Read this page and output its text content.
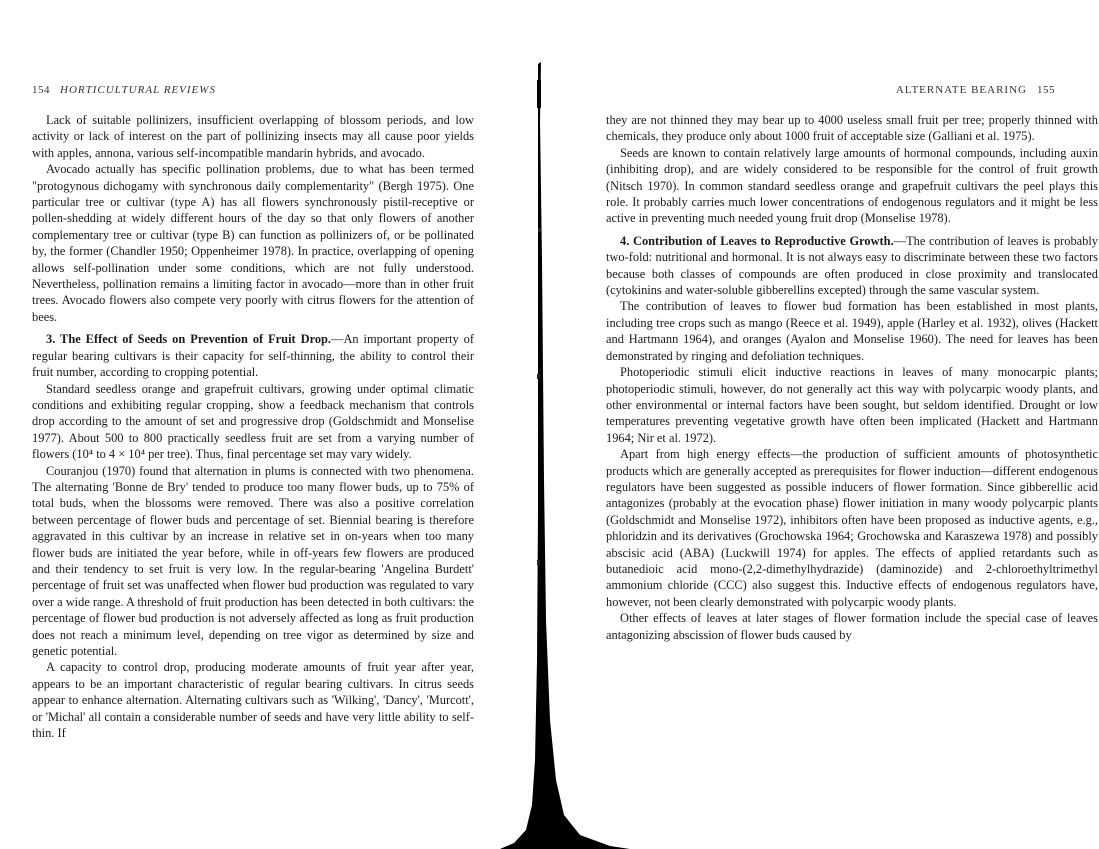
154 HORTICULTURAL REVIEWS

Lack of suitable pollinizers, insufficient overlapping of blossom periods, and low activity or lack of interest on the part of pollinizing insects may all cause poor yields with apples, annona, various self-incompatible mandarin hybrids, and avocado.

Avocado actually has specific pollination problems, due to what has been termed "protogynous dichogamy with synchronous daily complementarity" (Bergh 1975). One particular tree or cultivar (type A) has all flowers synchronously pistil-receptive or pollen-shedding at widely different hours of the day so that only flowers of another complementary tree or cultivar (type B) can function as pollinizers of, or be pollinated by, the former (Chandler 1950; Oppenheimer 1978). In practice, overlapping of opening allows self-pollination under some conditions, which are not fully understood. Nevertheless, pollination remains a limiting factor in avocado—more than in other fruit trees. Avocado flowers also compete very poorly with citrus flowers for the attention of bees.

3. The Effect of Seeds on Prevention of Fruit Drop.—An important property of regular bearing cultivars is their capacity for self-thinning, the ability to control their fruit number, according to cropping potential.

Standard seedless orange and grapefruit cultivars, growing under optimal climatic conditions and exhibiting regular cropping, show a feedback mechanism that controls drop according to the amount of set and progressive drop (Goldschmidt and Monselise 1977). About 500 to 800 practically seedless fruit are set from a varying number of flowers (10⁴ to 4 × 10⁴ per tree). Thus, final percentage set may vary widely.

Couranjou (1970) found that alternation in plums is connected with two phenomena. The alternating 'Bonne de Bry' tended to produce too many flower buds, up to 75% of total buds, when the blossoms were removed. There was also a positive correlation between percentage of flower buds and percentage of set. Biennial bearing is therefore aggravated in this cultivar by an increase in relative set in on-years when too many flower buds are initiated the year before, while in off-years few flowers are produced and their tendency to set fruit is very low. In the regular-bearing 'Angelina Burdett' percentage of fruit set was unaffected when flower bud production was regulated to vary over a wide range. A threshold of fruit production has been detected in both cultivars: the percentage of flower bud production is not adversely affected as long as fruit production does not reach a minimum level, depending on tree vigor as determined by size and genetic potential.

A capacity to control drop, producing moderate amounts of fruit year after year, appears to be an important characteristic of regular bearing cultivars. In citrus seeds appear to enhance alternation. Alternating cultivars such as 'Wilking', 'Dancy', 'Murcott', or 'Michal' all contain a considerable number of seeds and have very little ability to self-thin. If

ALTERNATE BEARING 155

they are not thinned they may bear up to 4000 useless small fruit per tree; properly thinned with chemicals, they produce only about 1000 fruit of acceptable size (Galliani et al. 1975).

Seeds are known to contain relatively large amounts of hormonal compounds, including auxin (inhibiting drop), and are widely considered to be responsible for the control of fruit growth (Nitsch 1970). In common standard seedless orange and grapefruit cultivars the peel plays this role. It probably carries much lower concentrations of endogenous regulators and it might be less active in preventing much needed young fruit drop (Monselise 1978).

4. Contribution of Leaves to Reproductive Growth.—The contribution of leaves is probably two-fold: nutritional and hormonal. It is not always easy to discriminate between these two factors because both classes of compounds are often produced in close proximity and translocated (cytokinins and water-soluble gibberellins excepted) through the same vascular system.

The contribution of leaves to flower bud formation has been established in most plants, including tree crops such as mango (Reece et al. 1949), apple (Harley et al. 1932), olives (Hackett and Hartmann 1964), and oranges (Ayalon and Monselise 1960). The need for leaves has been demonstrated by ringing and defoliation techniques.

Photoperiodic stimuli elicit inductive reactions in leaves of many monocarpic plants; photoperiodic stimuli, however, do not generally act this way with polycarpic woody plants, and other environmental or internal factors have been sought, but seldom identified. Drought or low temperatures preventing vegetative growth have often been implicated (Hackett and Hartmann 1964; Nir et al. 1972).

Apart from high energy effects—the production of sufficient amounts of photosynthetic products which are generally accepted as prerequisites for flower induction—different endogenous regulators have been suggested as possible inducers of flower formation. Since gibberellic acid antagonizes (probably at the evocation phase) flower initiation in many woody polycarpic plants (Goldschmidt and Monselise 1972), inhibitors often have been proposed as inductive agents, e.g., phloridzin and its derivatives (Grochowska 1964; Grochowska and Karaszewa 1978) and possibly abscisic acid (ABA) (Luckwill 1974) for apples. The effects of applied retardants such as butanedioic acid mono-(2,2-dimethylhydrazide) (daminozide) and 2-chloroethyltrimethyl ammonium chloride (CCC) also suggest this. Inductive effects of endogenous regulators have, however, not been clearly demonstrated with polycarpic woody plants.

Other effects of leaves at later stages of flower formation include the special case of leaves antagonizing abscission of flower buds caused by
